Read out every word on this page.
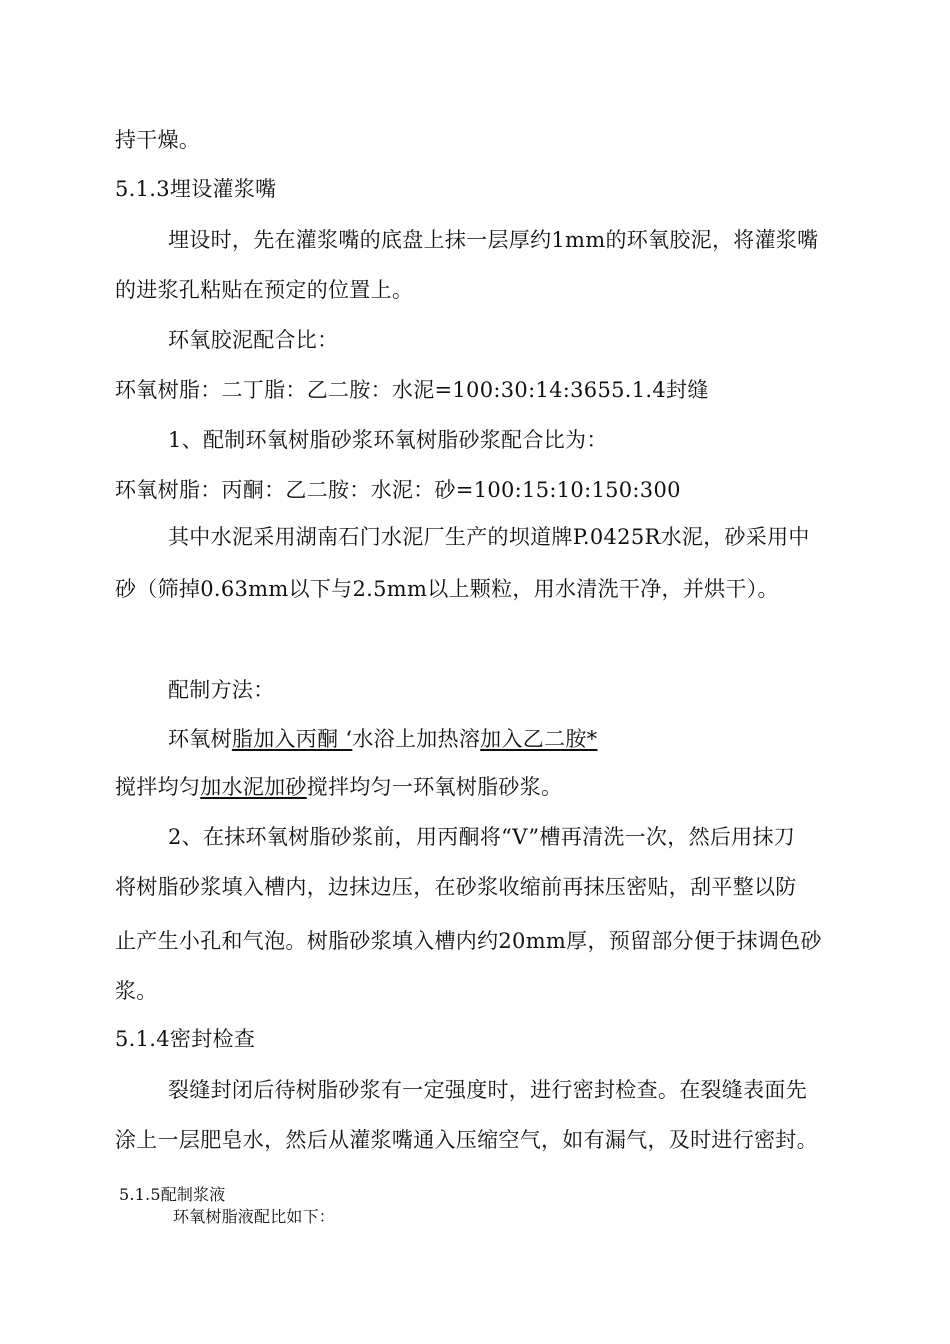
持干燥。
5.1.3埋设灌浆嘴
埋设时，先在灌浆嘴的底盘上抹一层厚约1mm的环氧胶泥，将灌浆嘴
的进浆孔粘贴在预定的位置上。
环氧胶泥配合比：
环氧树脂：二丁脂：乙二胺：水泥=100:30:14:3655.1.4封缝
1、配制环氧树脂砂浆环氧树脂砂浆配合比为：
环氧树脂：丙酮：乙二胺：水泥：砂=100:15:10:150:300
其中水泥采用湖南石门水泥厂生产的坝道牌P.0425R水泥，砂采用中
砂（筛掉0.63mm以下与2.5mm以上颗粒，用水清洗干净，并烘干）。
配制方法：
环氧树脂加入丙酮 ‘水浴上加热溶加入乙二胺*
搅拌均匀加水泥加砂搅拌均匀一环氧树脂砂浆。
2、在抹环氧树脂砂浆前，用丙酮将“V”槽再清洗一次，然后用抹刀
将树脂砂浆填入槽内，边抹边压，在砂浆收缩前再抹压密贴，刮平整以防
止产生小孔和气泡。树脂砂浆填入槽内约20mm厚，预留部分便于抹调色砂
浆。
5.1.4密封检查
裂缝封闭后待树脂砂浆有一定强度时，进行密封检查。在裂缝表面先
涂上一层肥皂水，然后从灌浆嘴通入压缩空气，如有漏气，及时进行密封。
5.1.5配制浆液
环氧树脂液配比如下：
